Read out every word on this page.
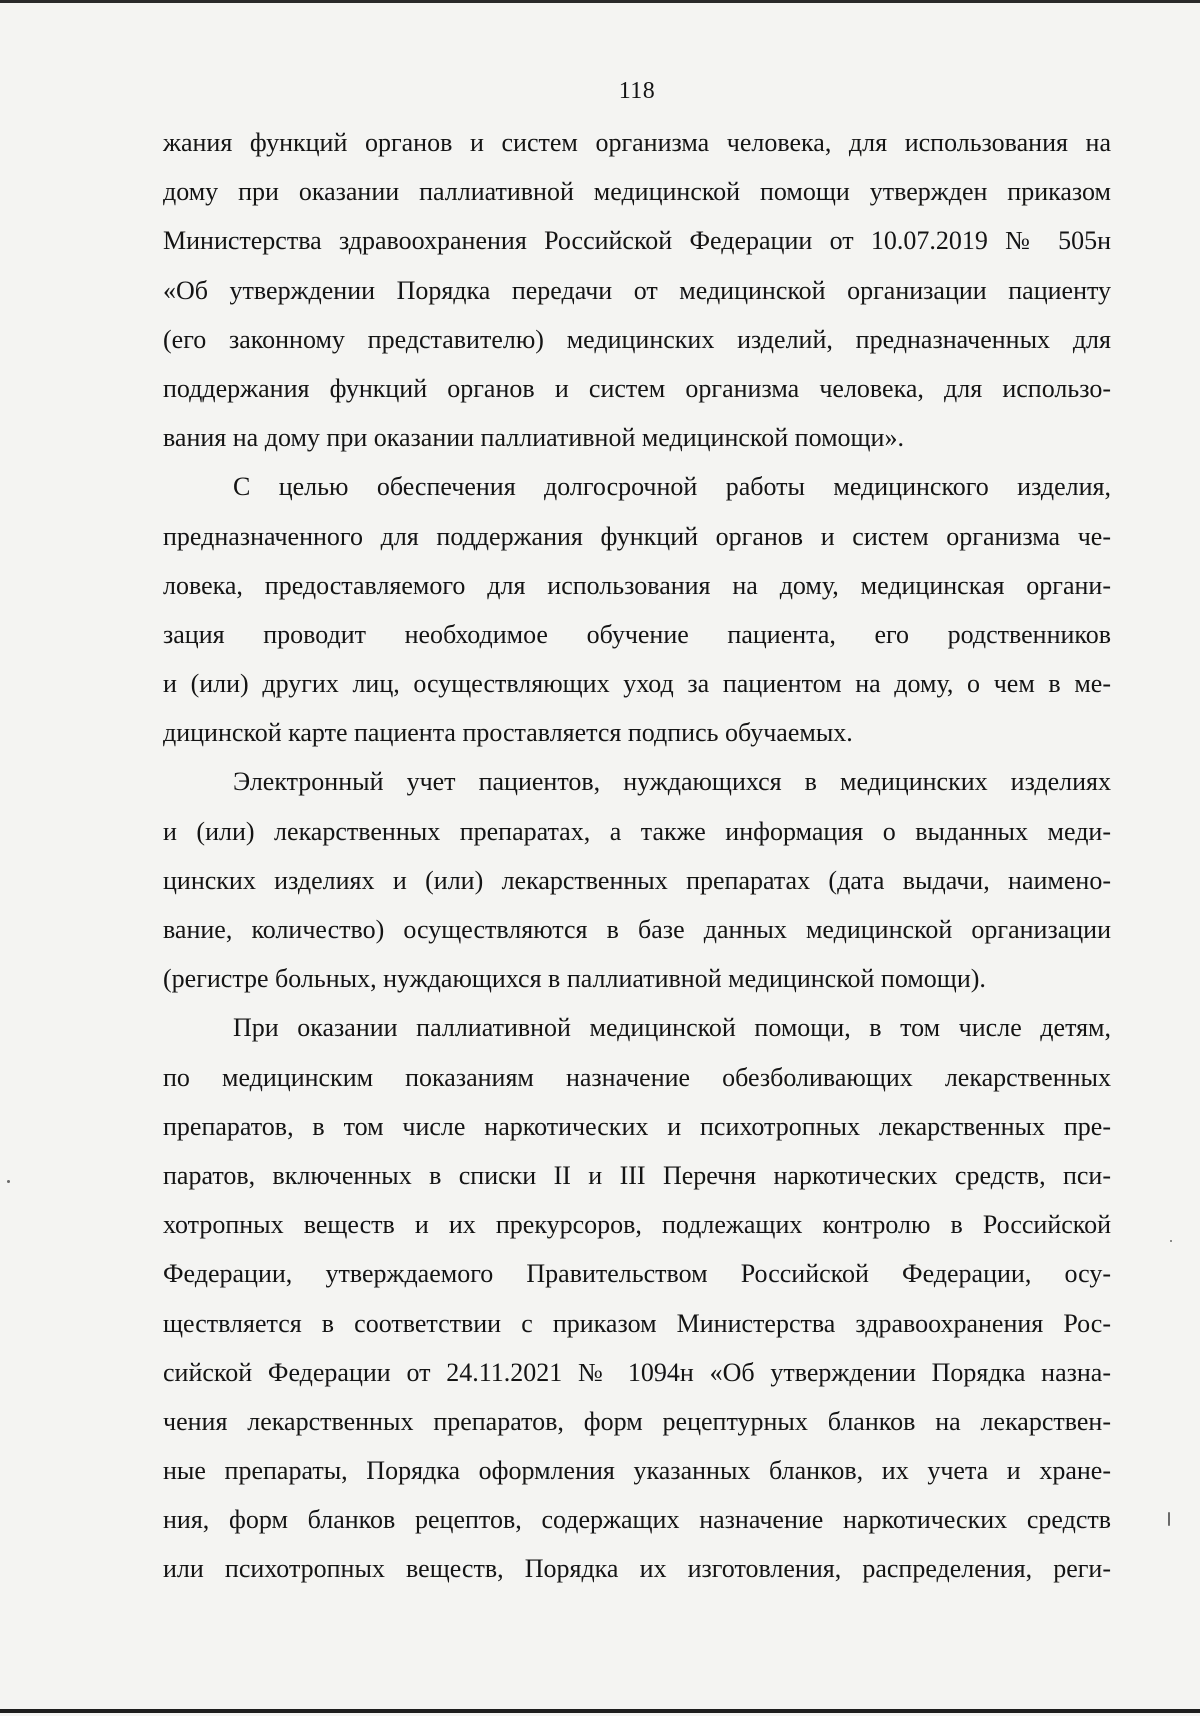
118
жания функций органов и систем организма человека, для использования на
дому при оказании паллиативной медицинской помощи утвержден приказом
Министерства здравоохранения Российской Федерации от 10.07.2019 № 505н
«Об утверждении Порядка передачи от медицинской организации пациенту
(его законному представителю) медицинских изделий, предназначенных для
поддержания функций органов и систем организма человека, для использо-
вания на дому при оказании паллиативной медицинской помощи».
С целью обеспечения долгосрочной работы медицинского изделия,
предназначенного для поддержания функций органов и систем организма че-
ловека, предоставляемого для использования на дому, медицинская органи-
зация проводит необходимое обучение пациента, его родственников
и (или) других лиц, осуществляющих уход за пациентом на дому, о чем в ме-
дицинской карте пациента проставляется подпись обучаемых.
Электронный учет пациентов, нуждающихся в медицинских изделиях
и (или) лекарственных препаратах, а также информация о выданных меди-
цинских изделиях и (или) лекарственных препаратах (дата выдачи, наимено-
вание, количество) осуществляются в базе данных медицинской организации
(регистре больных, нуждающихся в паллиативной медицинской помощи).
При оказании паллиативной медицинской помощи, в том числе детям,
по медицинским показаниям назначение обезболивающих лекарственных
препаратов, в том числе наркотических и психотропных лекарственных пре-
паратов, включенных в списки II и III Перечня наркотических средств, пси-
хотропных веществ и их прекурсоров, подлежащих контролю в Российской
Федерации, утверждаемого Правительством Российской Федерации, осу-
ществляется в соответствии с приказом Министерства здравоохранения Рос-
сийской Федерации от 24.11.2021 № 1094н «Об утверждении Порядка назна-
чения лекарственных препаратов, форм рецептурных бланков на лекарствен-
ные препараты, Порядка оформления указанных бланков, их учета и хране-
ния, форм бланков рецептов, содержащих назначение наркотических средств
или психотропных веществ, Порядка их изготовления, распределения, реги-
